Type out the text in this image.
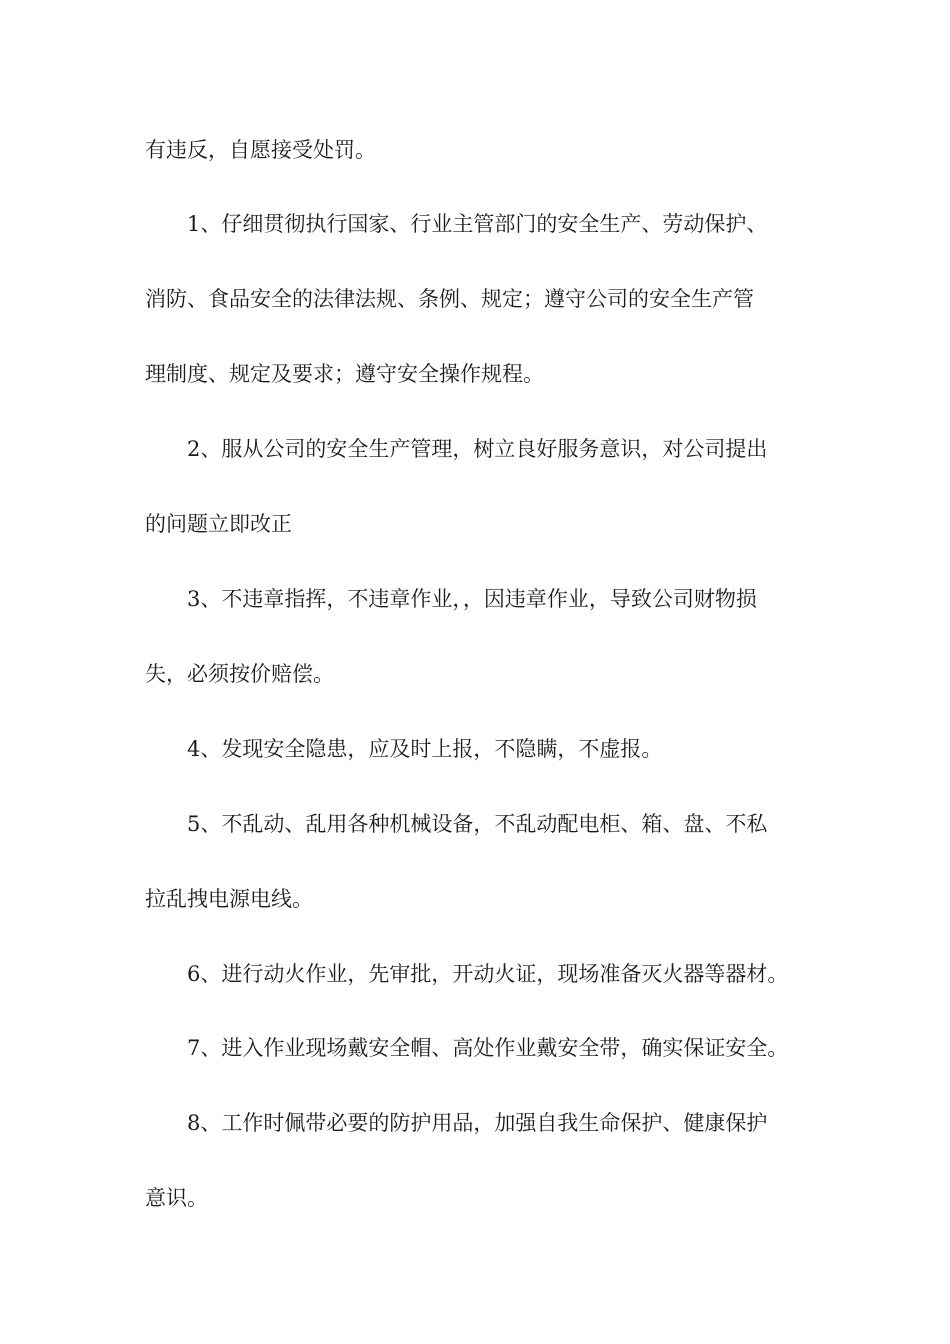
有违反，自愿接受处罚。

1、仔细贯彻执行国家、行业主管部门的安全生产、劳动保护、

消防、食品安全的法律法规、条例、规定；遵守公司的安全生产管

理制度、规定及要求；遵守安全操作规程。

2、服从公司的安全生产管理，树立良好服务意识，对公司提出

的问题立即改正

3、不违章指挥，不违章作业，，因违章作业，导致公司财物损

失，必须按价赔偿。

4、发现安全隐患，应及时上报，不隐瞒，不虚报。

5、不乱动、乱用各种机械设备，不乱动配电柜、箱、盘、不私

拉乱拽电源电线。

6、进行动火作业，先审批，开动火证，现场准备灭火器等器材。

7、进入作业现场戴安全帽、高处作业戴安全带，确实保证安全。

8、工作时佩带必要的防护用品，加强自我生命保护、健康保护

意识。
